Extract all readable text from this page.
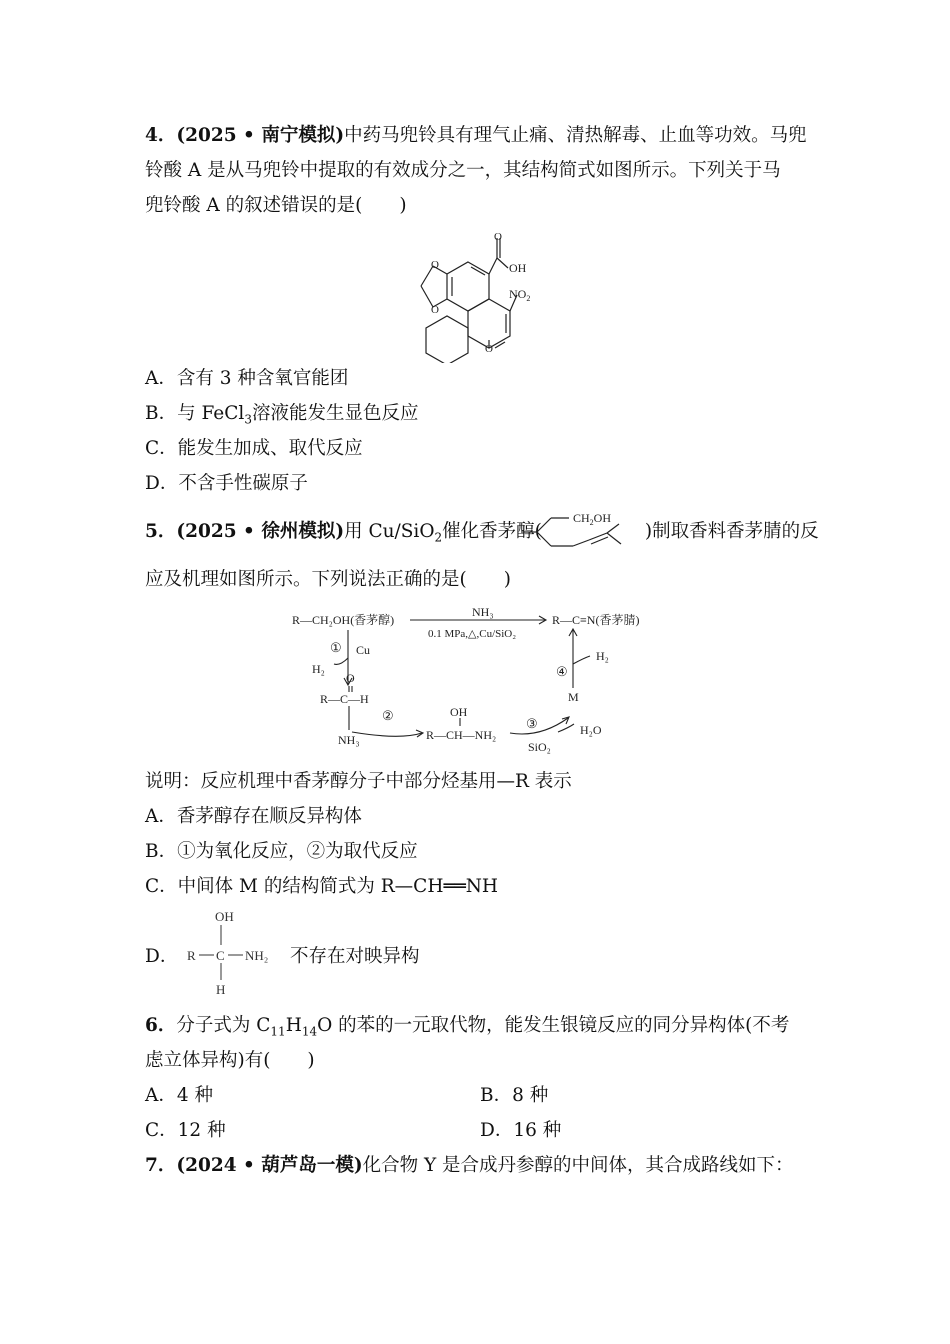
4．(2025 • 南宁模拟)中药马兜铃具有理气止痛、清热解毒、止血等功效。马兜
铃酸 A 是从马兜铃中提取的有效成分之一，其结构简式如图所示。下列关于马
兜铃酸 A 的叙述错误的是(　　)
O
O
O
OH
$NO_2$
O
A．含有 3 种含氧官能团
B．与 FeCl$_3$溶液能发生显色反应
C．能发生加成、取代反应
D．不含手性碳原子
5．(2025 • 徐州模拟)用 Cu/SiO$_2$催化香茅醇(	)制取香料香茅腈的反
$CH_2OH$
应及机理如图所示。下列说法正确的是(　　)
R—CH₂OH(香茅醇)
NH₃
0.1 MPa,△,Cu/SiO₂
R—C≡N(香茅腈)
① Cu
H₂
O
R—C—H
②
NH₃
OH
R—CH—NH₂
③
SiO₂
H₂O
M
④
H₂
说明：反应机理中香茅醇分子中部分烃基用—R 表示
A．香茅醇存在顺反异构体
B．①为氧化反应，②为取代反应
C．中间体 M 的结构简式为 R—CH══NH
D．
OH
R C NH₂
H
不存在对映异构
6．分子式为 $C_{11}H_{14}O$ 的苯的一元取代物，能发生银镜反应的同分异构体(不考
虑立体异构)有(　　)
A．4 种	B．8 种
C．12 种	D．16 种
7．(2024 • 葫芦岛一模)化合物 Y 是合成丹参醇的中间体，其合成路线如下：
